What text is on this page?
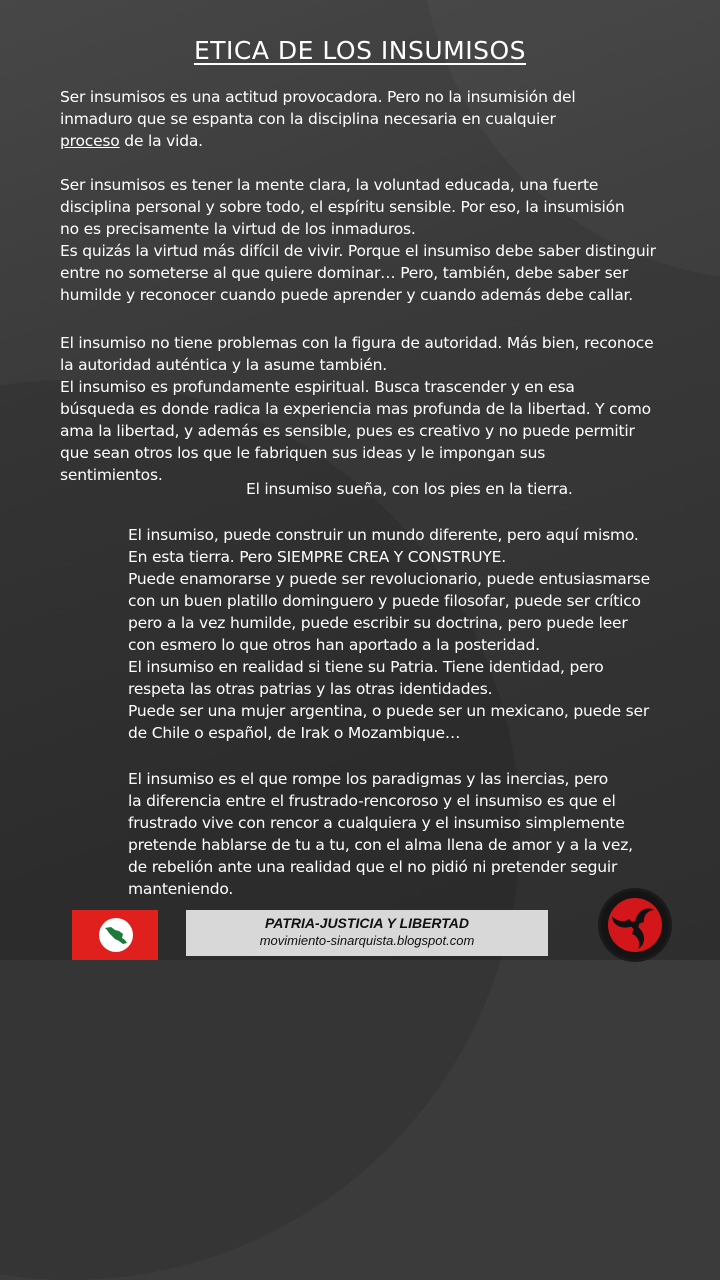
ETICA DE LOS INSUMISOS
Ser insumisos es una actitud provocadora. Pero no la insumisión del
inmaduro que se espanta con la disciplina necesaria en cualquier
proceso de la vida.
Ser insumisos es tener la mente clara, la voluntad educada, una fuerte
disciplina personal y sobre todo, el espíritu sensible. Por eso, la insumisión
no es precisamente la virtud de los inmaduros.
Es quizás la virtud más difícil de vivir. Porque el insumiso debe saber distinguir
entre no someterse al que quiere dominar… Pero, también, debe saber ser
humilde y reconocer cuando puede aprender y cuando además debe callar.
El insumiso no tiene problemas con la figura de autoridad. Más bien, reconoce
la autoridad auténtica y la asume también.
El insumiso es profundamente espiritual. Busca trascender y en esa
búsqueda es donde radica la experiencia mas profunda de la libertad. Y como
ama la libertad, y además es sensible, pues es creativo y no puede permitir
que sean otros los que le fabriquen sus ideas y le impongan sus
sentimientos.
El insumiso sueña, con los pies en la tierra.
El insumiso, puede construir un mundo diferente, pero aquí mismo.
En esta tierra. Pero SIEMPRE CREA Y CONSTRUYE.
Puede enamorarse y puede ser revolucionario, puede entusiasmarse
con un buen platillo dominguero y puede filosofar, puede ser crítico
pero a la vez humilde, puede escribir su doctrina, pero puede leer
con esmero lo que otros han aportado a la posteridad.
El insumiso en realidad si tiene su Patria. Tiene identidad, pero
respeta las otras patrias y las otras identidades.
Puede ser una mujer argentina, o puede ser un mexicano, puede ser
de Chile o español, de Irak o Mozambique…
El insumiso es el que rompe los paradigmas y las inercias, pero
la diferencia entre el frustrado-rencoroso y el insumiso es que el
frustrado vive con rencor a cualquiera y el insumiso simplemente
pretende hablarse de tu a tu, con el alma llena de amor y a la vez,
de rebelión ante una realidad que el no pidió ni pretender seguir
manteniendo.
PATRIA-JUSTICIA Y LIBERTAD
movimiento-sinarquista.blogspot.com
